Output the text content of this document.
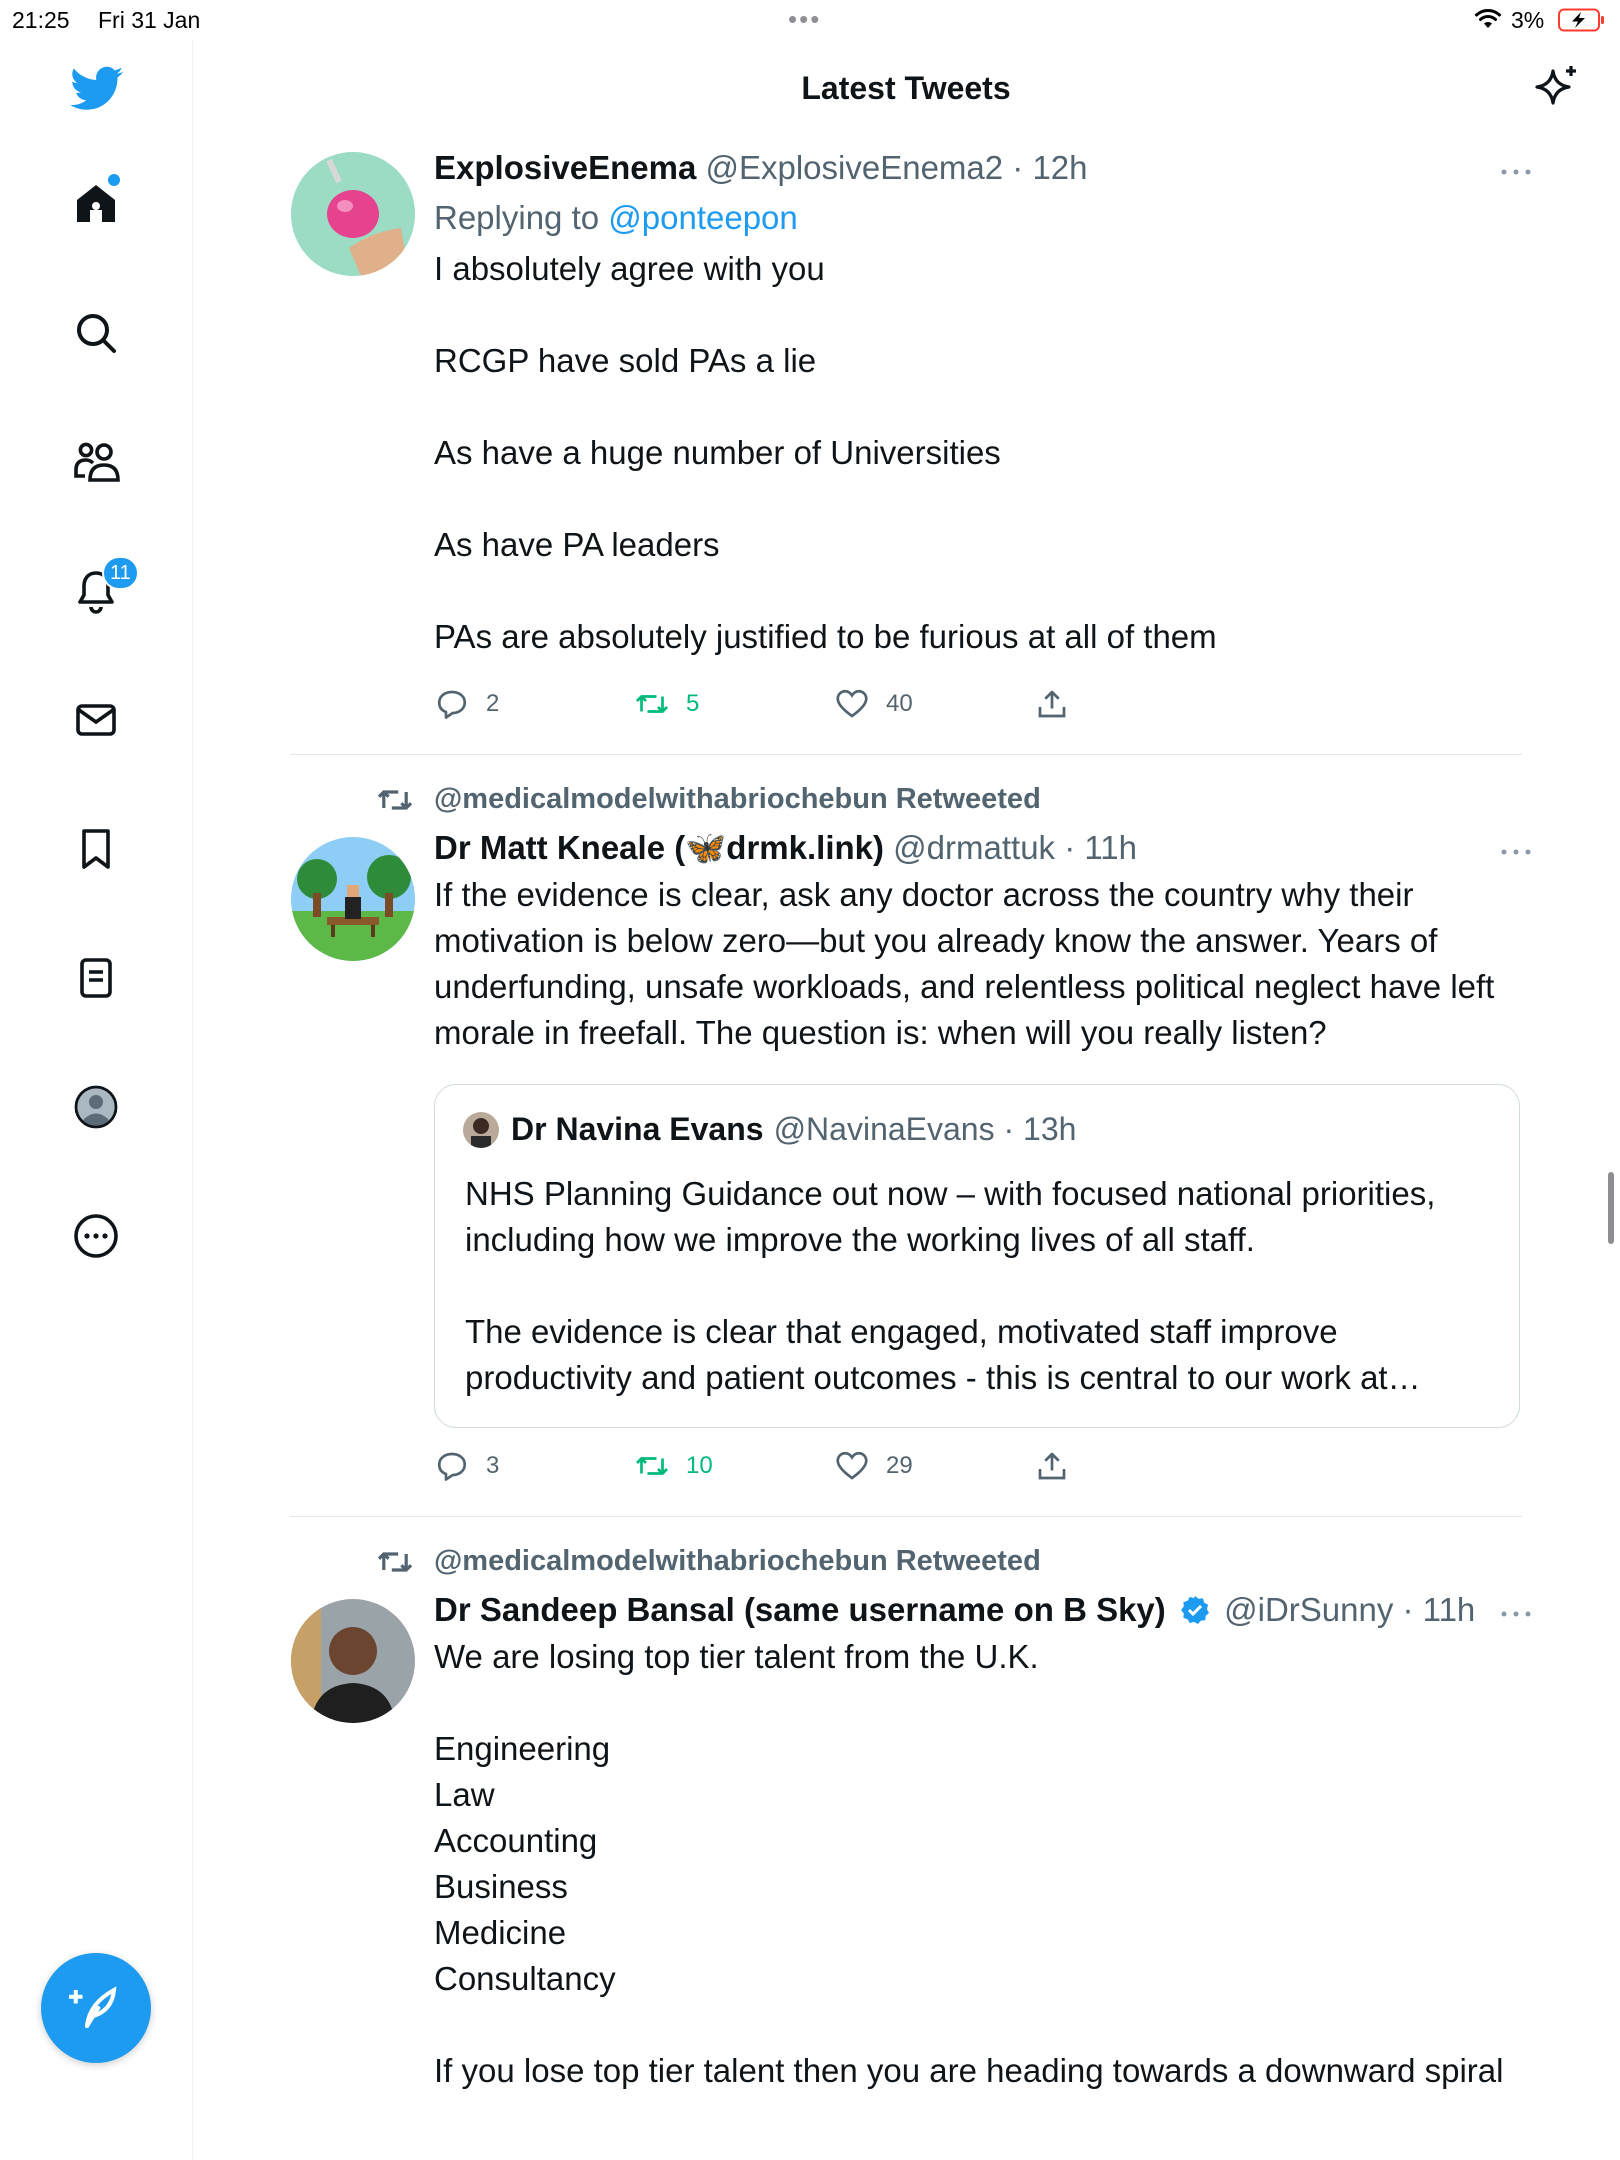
21:25 Fri 31 Jan	•••	3%
11
Latest Tweets
ExplosiveEnema @ExplosiveEnema2 · 12h
Replying to @ponteepon
I absolutely agree with you

RCGP have sold PAs a lie

As have a huge number of Universities

As have PA leaders

PAs are absolutely justified to be furious at all of them
2	5	40
@medicalmodelwithabriochebun Retweeted
Dr Matt Kneale (🦋drmk.link) @drmattuk · 11h
If the evidence is clear, ask any doctor across the country why their motivation is below zero—but you already know the answer. Years of underfunding, unsafe workloads, and relentless political neglect have left morale in freefall. The question is: when will you really listen?
Dr Navina Evans @NavinaEvans · 13h
NHS Planning Guidance out now – with focused national priorities, including how we improve the working lives of all staff.

The evidence is clear that engaged, motivated staff improve productivity and patient outcomes - this is central to our work at…
3	10	29
@medicalmodelwithabriochebun Retweeted
Dr Sandeep Bansal (same username on B Sky) @iDrSunny · 11h
We are losing top tier talent from the U.K.

Engineering
Law
Accounting
Business
Medicine
Consultancy

If you lose top tier talent then you are heading towards a downward spiral
